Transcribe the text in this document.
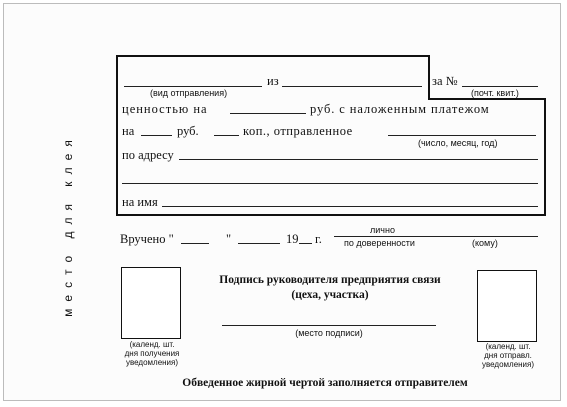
место для клея
(вид отправления)
из	за №
(почт. квит.)
ценностью на	руб. с наложенным платежом
на	руб.	коп., отправленное
(число, месяц, год)
по адресу
на имя
Вручено "	"	19 г.
лично
по доверенности	(кому)
(календ. шт.
дня получения
уведомления)
(календ. шт.
дня отправл.
уведомления)
Подпись руководителя предприятия связи
(цеха, участка)
(место подписи)
Обведенное жирной чертой заполняется отправителем
